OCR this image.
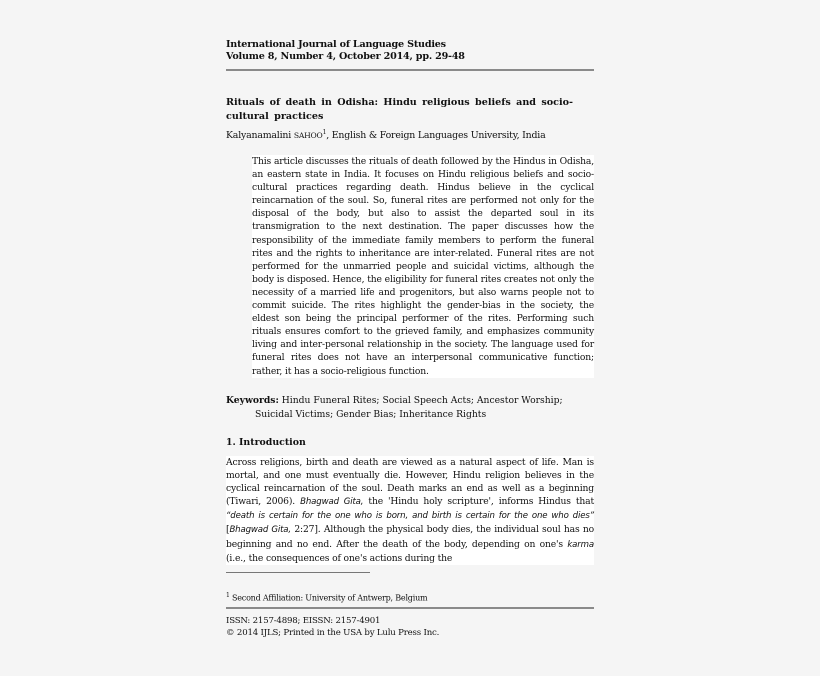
International Journal of Language Studies
Volume 8, Number 4, October 2014, pp. 29-48
Rituals of death in Odisha: Hindu religious beliefs and socio-cultural practices
Kalyanamalini SAHOO$^1$, English & Foreign Languages University, India
This article discusses the rituals of death followed by the Hindus in Odisha, an eastern state in India. It focuses on Hindu religious beliefs and socio-cultural practices regarding death. Hindus believe in the cyclical reincarnation of the soul. So, funeral rites are performed not only for the disposal of the body, but also to assist the departed soul in its transmigration to the next destination. The paper discusses how the responsibility of the immediate family members to perform the funeral rites and the rights to inheritance are inter-related. Funeral rites are not performed for the unmarried people and suicidal victims, although the body is disposed. Hence, the eligibility for funeral rites creates not only the necessity of a married life and progenitors, but also warns people not to commit suicide. The rites highlight the gender-bias in the society, the eldest son being the principal performer of the rites. Performing such rituals ensures comfort to the grieved family, and emphasizes community living and inter-personal relationship in the society. The language used for funeral rites does not have an interpersonal communicative function; rather, it has a socio-religious function.
Keywords: Hindu Funeral Rites; Social Speech Acts; Ancestor Worship;
Suicidal Victims; Gender Bias; Inheritance Rights
1. Introduction
Across religions, birth and death are viewed as a natural aspect of life. Man is mortal, and one must eventually die. However, Hindu religion believes in the cyclical reincarnation of the soul. Death marks an end as well as a beginning (Tiwari, 2006). Bhagwad Gita, the 'Hindu holy scripture', informs Hindus that “death is certain for the one who is born, and birth is certain for the one who dies” [Bhagwad Gita, 2:27]. Although the physical body dies, the individual soul has no beginning and no end. After the death of the body, depending on one's karma (i.e., the consequences of one's actions during the
$^1$ Second Affiliation: University of Antwerp, Belgium
ISSN: 2157-4898; EISSN: 2157-4901
© 2014 IJLS; Printed in the USA by Lulu Press Inc.
